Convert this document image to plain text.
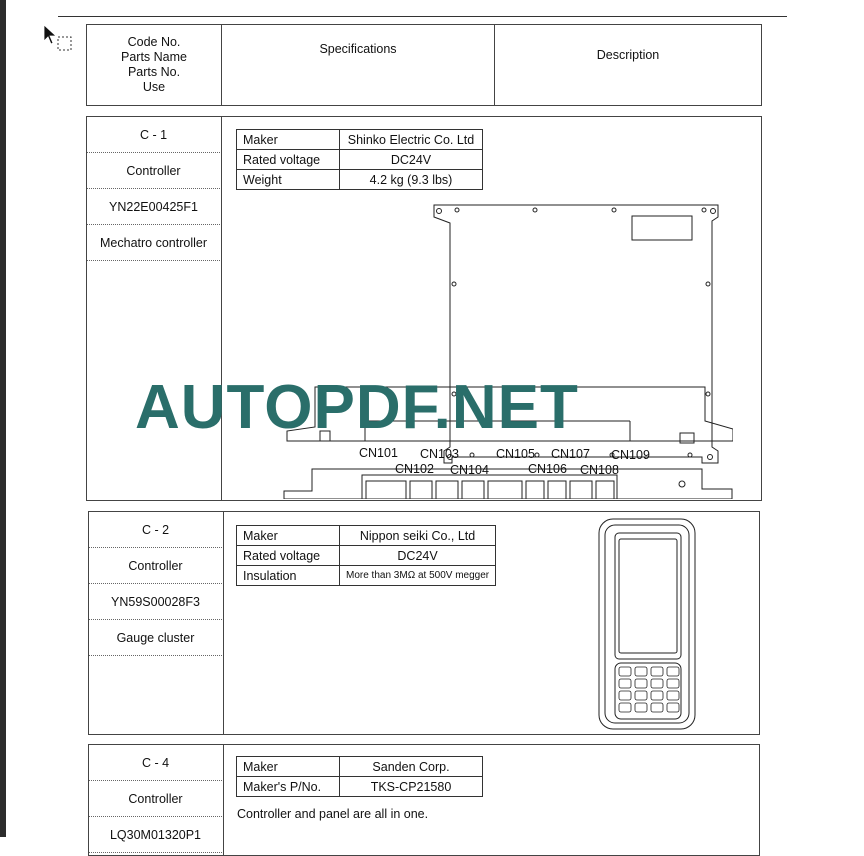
Code No.
Parts Name
Parts No.
Use
Specifications	Description
C - 1
Controller
YN22E00425F1
Mechatro controller
Maker	Shinko Electric Co. Ltd
Rated voltage	DC24V
Weight	4.2 kg (9.3 lbs)
CN101
CN102
CN103
CN104
CN105
CN106
CN107
CN108
CN109
AUTOPDF.NET
C - 2
Controller
YN59S00028F3
Gauge cluster
Maker	Nippon seiki Co., Ltd
Rated voltage	DC24V
Insulation	More than 3MΩ at 500V megger
C - 4
Controller
LQ30M01320P1
Maker	Sanden Corp.
Maker's P/No.	TKS-CP21580
Controller and panel are all in one.
